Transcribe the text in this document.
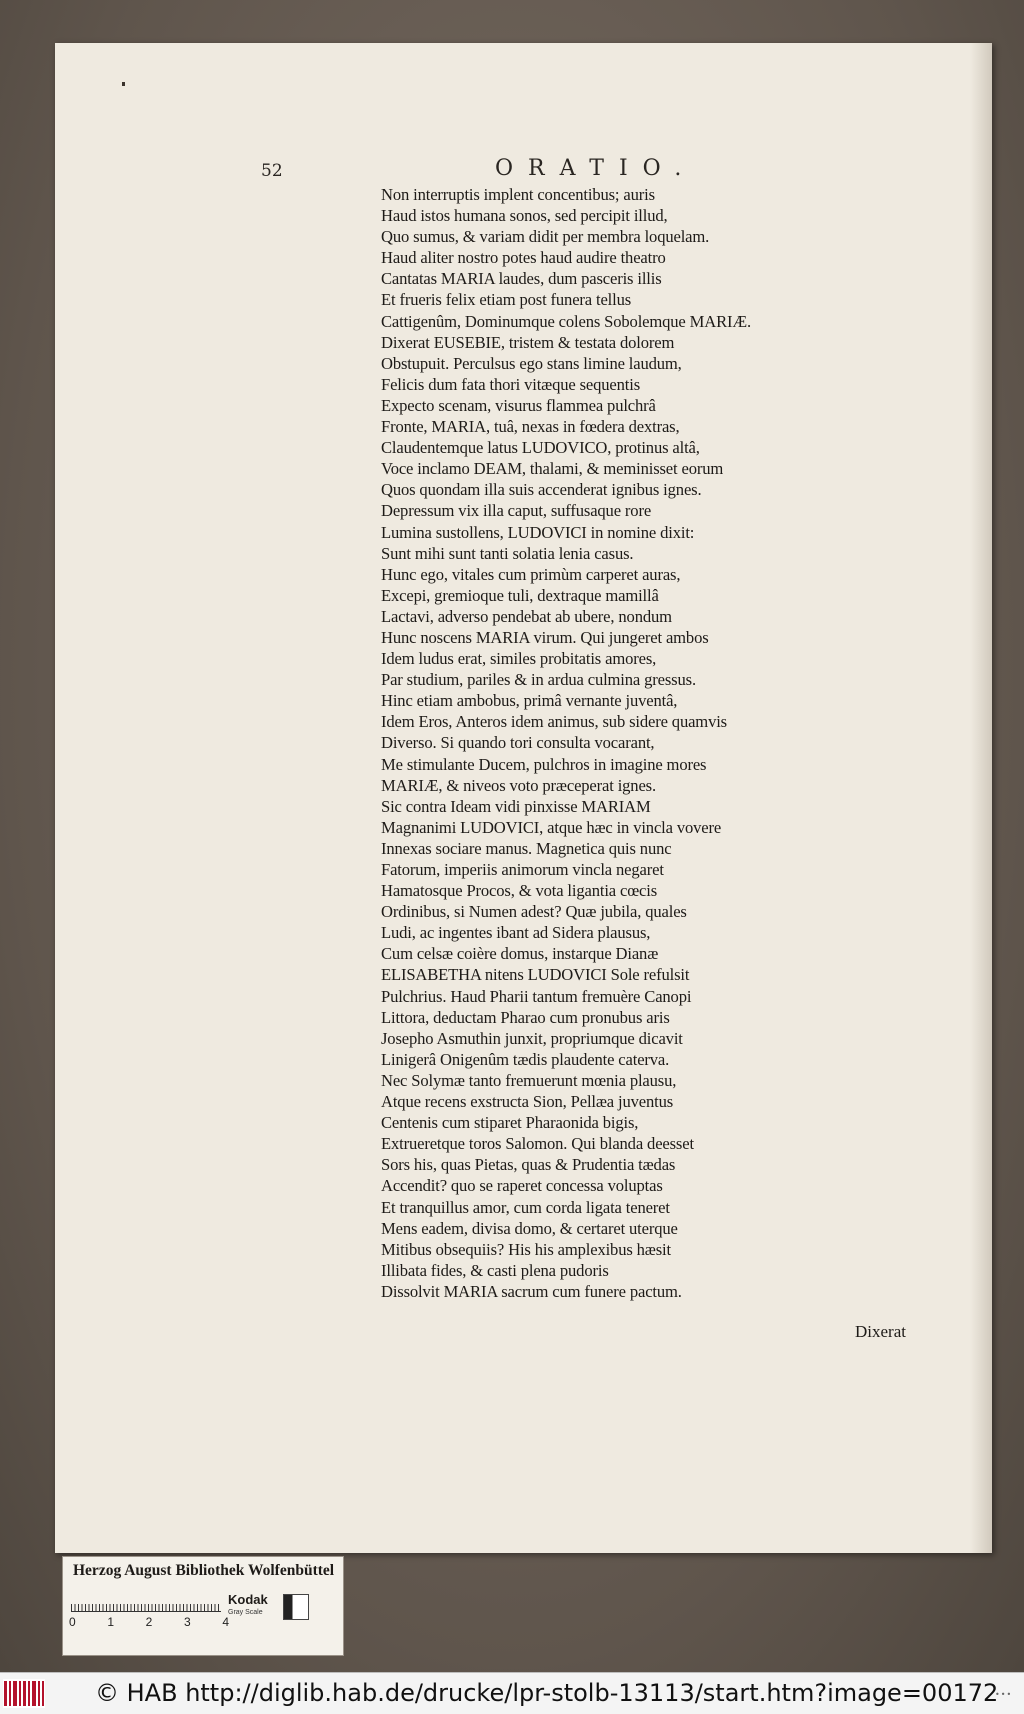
52	ORATIO.
Non interruptis implent concentibus; auris
Haud istos humana sonos, sed percipit illud,
Quo sumus, & variam didit per membra loquelam.
Haud aliter nostro potes haud audire theatro
Cantatas MARIA laudes, dum pasceris illis
Et frueris felix etiam post funera tellus
Cattigenûm, Dominumque colens Sobolemque MARIÆ.
Dixerat EUSEBIE, tristem & testata dolorem
Obstupuit. Perculsus ego stans limine laudum,
Felicis dum fata thori vitæque sequentis
Expecto scenam, visurus flammea pulchrâ
Fronte, MARIA, tuâ, nexas in fœdera dextras,
Claudentemque latus LUDOVICO, protinus altâ,
Voce inclamo DEAM, thalami, & meminisset eorum
Quos quondam illa suis accenderat ignibus ignes.
Depressum vix illa caput, suffusaque rore
Lumina sustollens, LUDOVICI in nomine dixit:
Sunt mihi sunt tanti solatia lenia casus.
Hunc ego, vitales cum primùm carperet auras,
Excepi, gremioque tuli, dextraque mamillâ
Lactavi, adverso pendebat ab ubere, nondum
Hunc noscens MARIA virum. Qui jungeret ambos
Idem ludus erat, similes probitatis amores,
Par studium, pariles & in ardua culmina gressus.
Hinc etiam ambobus, primâ vernante juventâ,
Idem Eros, Anteros idem animus, sub sidere quamvis
Diverso. Si quando tori consulta vocarant,
Me stimulante Ducem, pulchros in imagine mores
MARIÆ, & niveos voto præceperat ignes.
Sic contra Ideam vidi pinxisse MARIAM
Magnanimi LUDOVICI, atque hæc in vincla vovere
Innexas sociare manus. Magnetica quis nunc
Fatorum, imperiis animorum vincla negaret
Hamatosque Procos, & vota ligantia cœcis
Ordinibus, si Numen adest? Quæ jubila, quales
Ludi, ac ingentes ibant ad Sidera plausus,
Cum celsæ coière domus, instarque Dianæ
ELISABETHA nitens LUDOVICI Sole refulsit
Pulchrius. Haud Pharii tantum fremuère Canopi
Littora, deductam Pharao cum pronubus aris
Josepho Asmuthin junxit, propriumque dicavit
Linigerâ Onigenûm tædis plaudente caterva.
Nec Solymæ tanto fremuerunt mœnia plausu,
Atque recens exstructa Sion, Pellæa juventus
Centenis cum stiparet Pharaonida bigis,
Extrueretque toros Salomon. Qui blanda deesset
Sors his, quas Pietas, quas & Prudentia tædas
Accendit? quo se raperet concessa voluptas
Et tranquillus amor, cum corda ligata teneret
Mens eadem, divisa domo, & certaret uterque
Mitibus obsequiis? His his amplexibus hæsit
Illibata fides, & casti plena pudoris
Dissolvit MARIA sacrum cum funere pactum.
Dixerat
Herzog August Bibliothek Wolfenbüttel
0	1	2	3	4
Kodak
Gray Scale
© HAB http://diglib.hab.de/drucke/lpr-stolb-13113/start.htm?image=00172
•••
